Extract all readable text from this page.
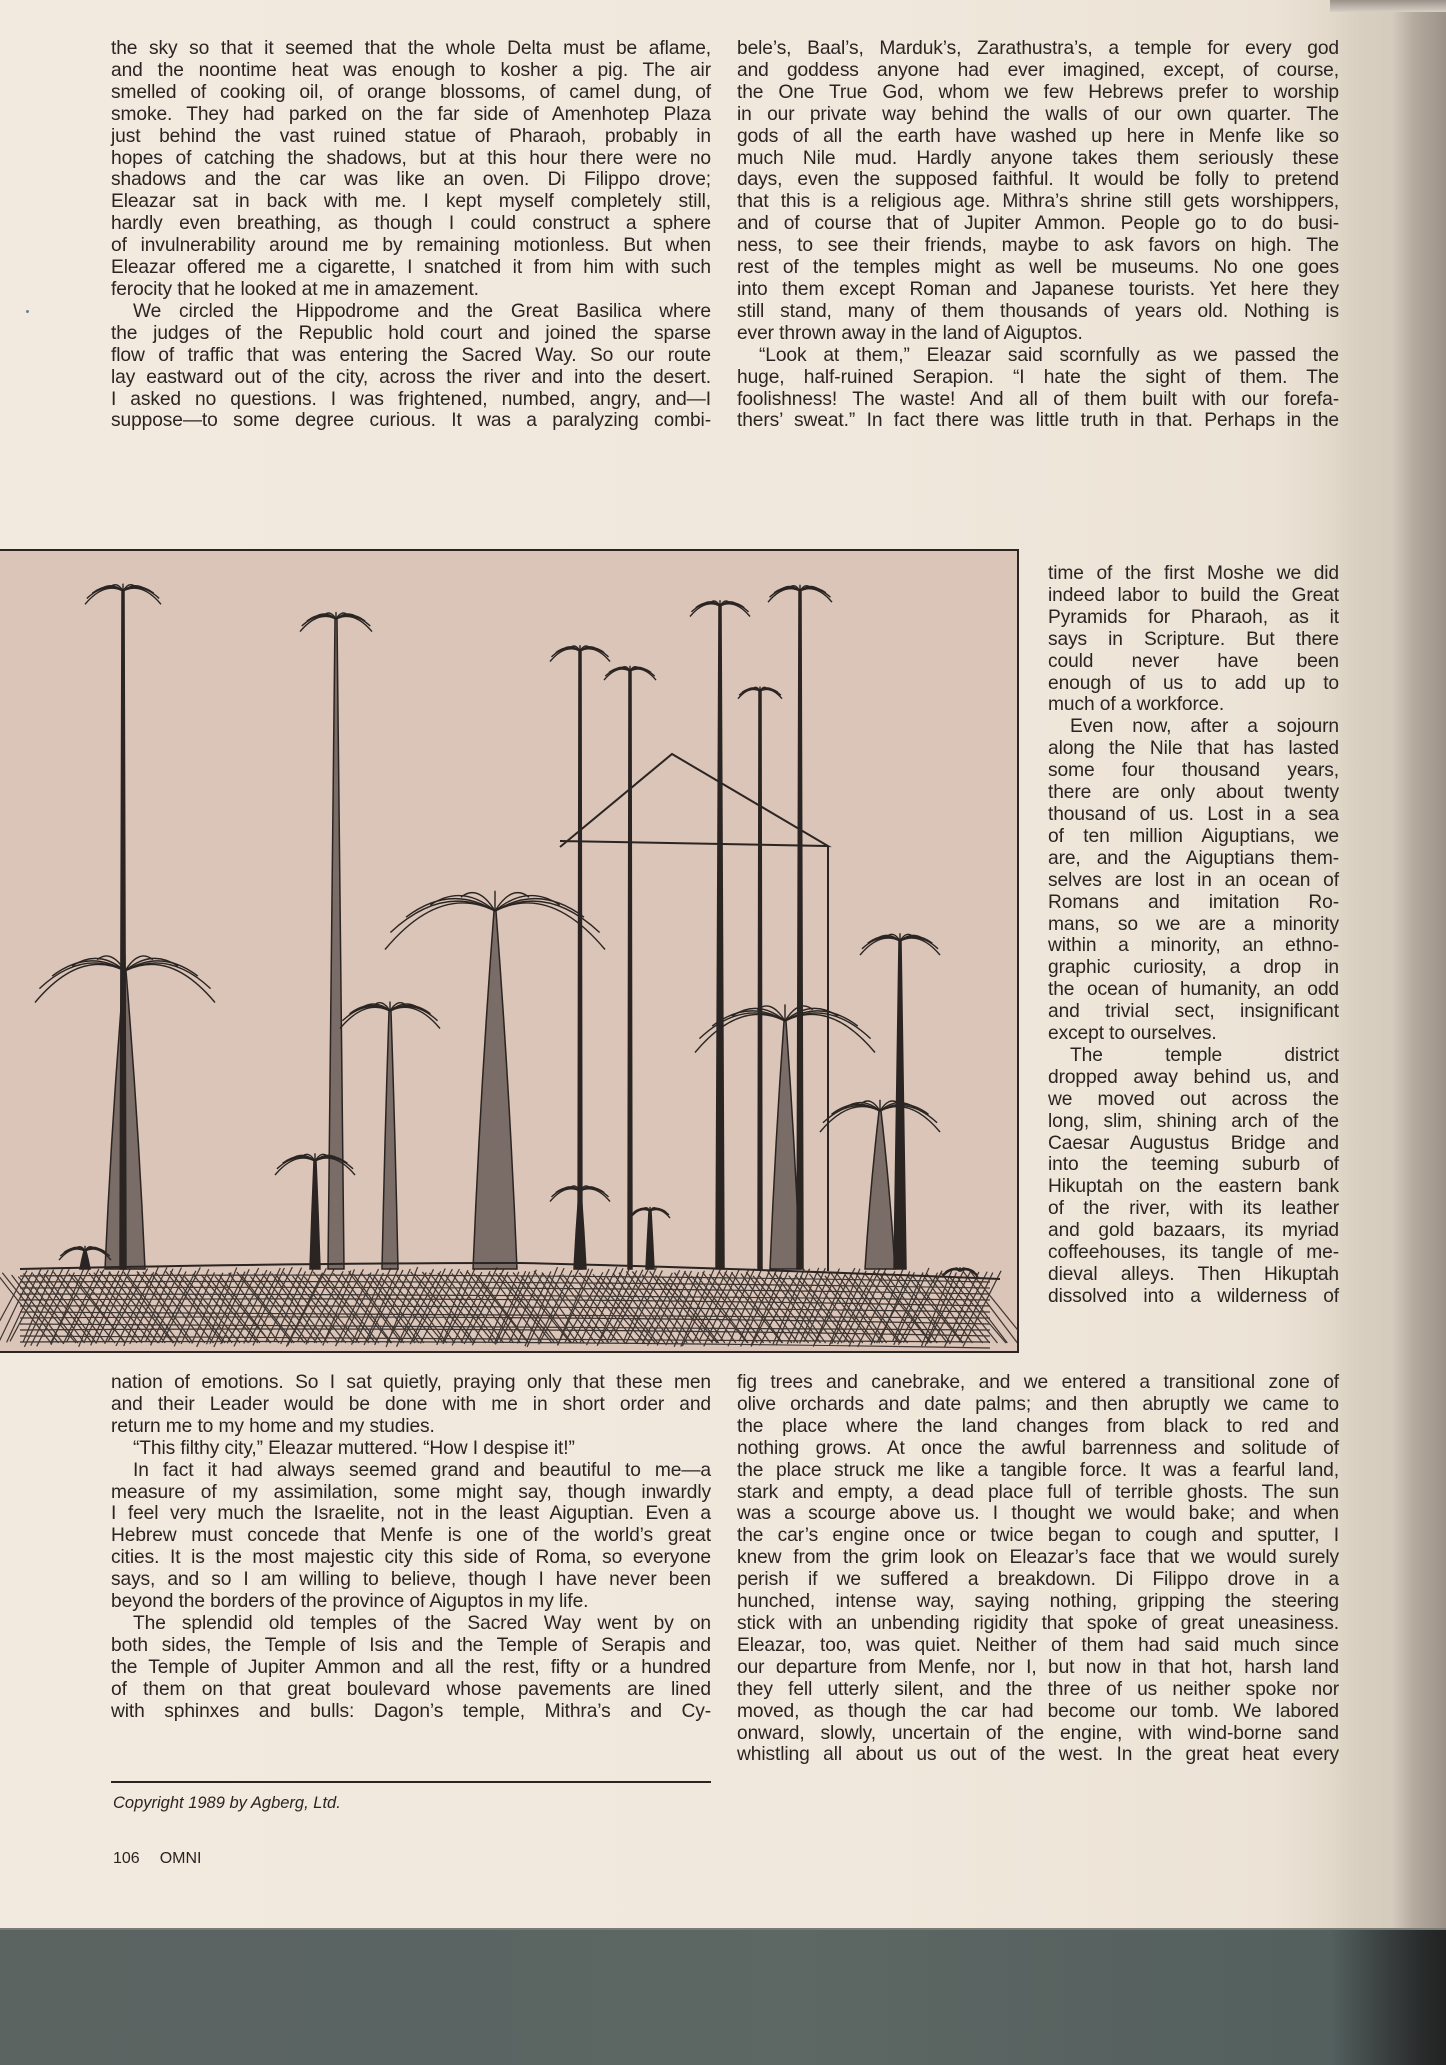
the sky so that it seemed that the whole Delta must be aflame,
and the noontime heat was enough to kosher a pig. The air
smelled of cooking oil, of orange blossoms, of camel dung, of
smoke. They had parked on the far side of Amenhotep Plaza
just behind the vast ruined statue of Pharaoh, probably in
hopes of catching the shadows, but at this hour there were no
shadows and the car was like an oven. Di Filippo drove;
Eleazar sat in back with me. I kept myself completely still,
hardly even breathing, as though I could construct a sphere
of invulnerability around me by remaining motionless. But when
Eleazar offered me a cigarette, I snatched it from him with such
ferocity that he looked at me in amazement.

We circled the Hippodrome and the Great Basilica where
the judges of the Republic hold court and joined the sparse
flow of traffic that was entering the Sacred Way. So our route
lay eastward out of the city, across the river and into the desert.
I asked no questions. I was frightened, numbed, angry, and—I
suppose—to some degree curious. It was a paralyzing combi-

bele’s, Baal’s, Marduk’s, Zarathustra’s, a temple for every god
and goddess anyone had ever imagined, except, of course,
the One True God, whom we few Hebrews prefer to worship
in our private way behind the walls of our own quarter. The
gods of all the earth have washed up here in Menfe like so
much Nile mud. Hardly anyone takes them seriously these
days, even the supposed faithful. It would be folly to pretend
that this is a religious age. Mithra’s shrine still gets worshippers,
and of course that of Jupiter Ammon. People go to do busi-
ness, to see their friends, maybe to ask favors on high. The
rest of the temples might as well be museums. No one goes
into them except Roman and Japanese tourists. Yet here they
still stand, many of them thousands of years old. Nothing is
ever thrown away in the land of Aiguptos.

“Look at them,” Eleazar said scornfully as we passed the
huge, half-ruined Serapion. “I hate the sight of them. The
foolishness! The waste! And all of them built with our forefa-
thers’ sweat.” In fact there was little truth in that. Perhaps in the

time of the first Moshe we did
indeed labor to build the Great
Pyramids for Pharaoh, as it
says in Scripture. But there
could never have been
enough of us to add up to
much of a workforce.

Even now, after a sojourn
along the Nile that has lasted
some four thousand years,
there are only about twenty
thousand of us. Lost in a sea
of ten million Aiguptians, we
are, and the Aiguptians them-
selves are lost in an ocean of
Romans and imitation Ro-
mans, so we are a minority
within a minority, an ethno-
graphic curiosity, a drop in
the ocean of humanity, an odd
and trivial sect, insignificant
except to ourselves.

The temple district
dropped away behind us, and
we moved out across the
long, slim, shining arch of the
Caesar Augustus Bridge and
into the teeming suburb of
Hikuptah on the eastern bank
of the river, with its leather
and gold bazaars, its myriad
coffeehouses, its tangle of me-
dieval alleys. Then Hikuptah
dissolved into a wilderness of

nation of emotions. So I sat quietly, praying only that these men
and their Leader would be done with me in short order and
return me to my home and my studies.

“This filthy city,” Eleazar muttered. “How I despise it!”

In fact it had always seemed grand and beautiful to me—a
measure of my assimilation, some might say, though inwardly
I feel very much the Israelite, not in the least Aiguptian. Even a
Hebrew must concede that Menfe is one of the world’s great
cities. It is the most majestic city this side of Roma, so everyone
says, and so I am willing to believe, though I have never been
beyond the borders of the province of Aiguptos in my life.

The splendid old temples of the Sacred Way went by on
both sides, the Temple of Isis and the Temple of Serapis and
the Temple of Jupiter Ammon and all the rest, fifty or a hundred
of them on that great boulevard whose pavements are lined
with sphinxes and bulls: Dagon’s temple, Mithra’s and Cy-

fig trees and canebrake, and we entered a transitional zone of
olive orchards and date palms; and then abruptly we came to
the place where the land changes from black to red and
nothing grows. At once the awful barrenness and solitude of
the place struck me like a tangible force. It was a fearful land,
stark and empty, a dead place full of terrible ghosts. The sun
was a scourge above us. I thought we would bake; and when
the car’s engine once or twice began to cough and sputter, I
knew from the grim look on Eleazar’s face that we would surely
perish if we suffered a breakdown. Di Filippo drove in a
hunched, intense way, saying nothing, gripping the steering
stick with an unbending rigidity that spoke of great uneasiness.
Eleazar, too, was quiet. Neither of them had said much since
our departure from Menfe, nor I, but now in that hot, harsh land
they fell utterly silent, and the three of us neither spoke nor
moved, as though the car had become our tomb. We labored
onward, slowly, uncertain of the engine, with wind-borne sand
whistling all about us out of the west. In the great heat every

Copyright 1989 by Agberg, Ltd.
106 OMNI
